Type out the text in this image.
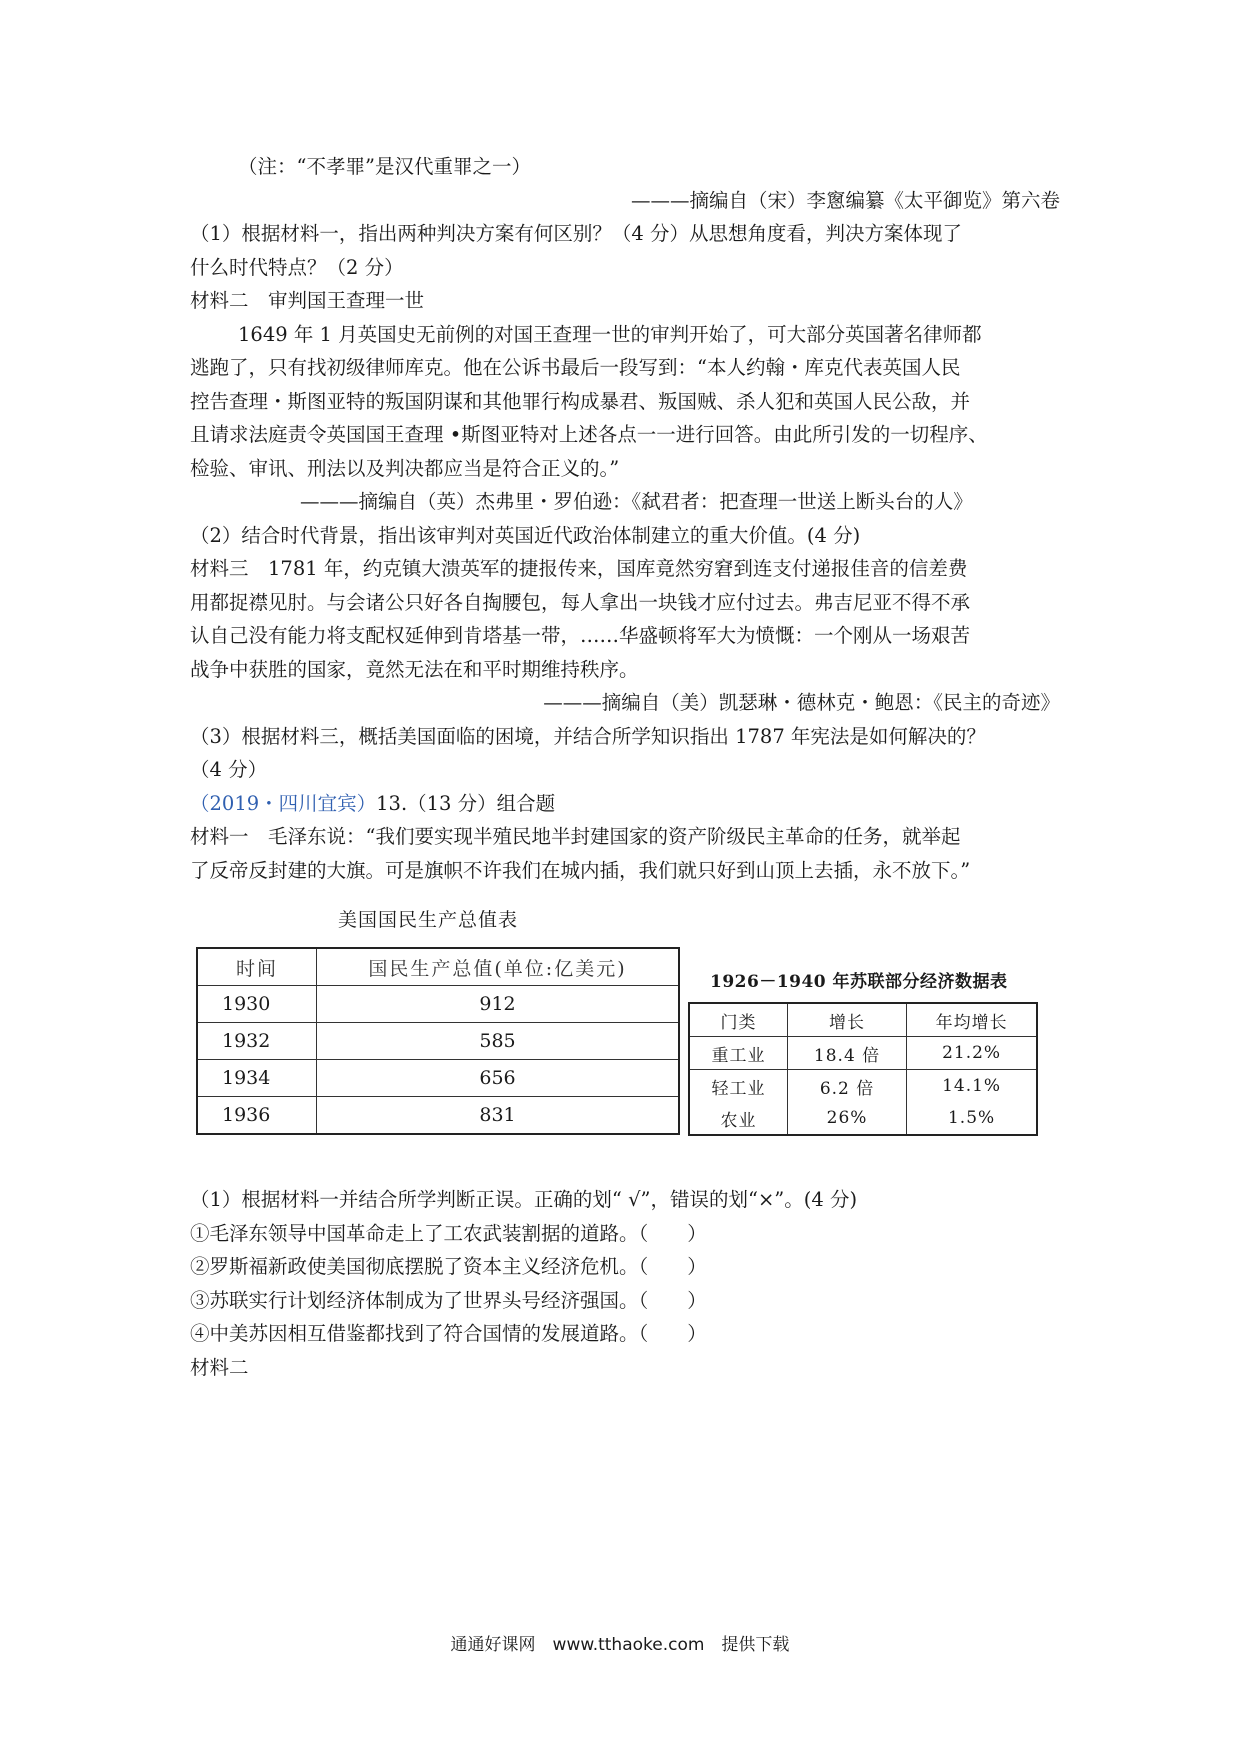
（注：“不孝罪”是汉代重罪之一）
———摘编自（宋）李窻编纂《太平御览》第六卷
（1）根据材料一，指出两种判决方案有何区别？（4 分）从思想角度看，判决方案体现了
什么时代特点？（2 分）
材料二　审判国王查理一世
1649 年 1 月英国史无前例的对国王查理一世的审判开始了，可大部分英国著名律师都
逃跑了，只有找初级律师库克。他在公诉书最后一段写到：“本人约翰・库克代表英国人民
控告查理・斯图亚特的叛国阴谋和其他罪行构成暴君、叛国贼、杀人犯和英国人民公敌，并
且请求法庭责令英国国王查理 •斯图亚特对上述各点一一进行回答。由此所引发的一切程序、
检验、审讯、刑法以及判决都应当是符合正义的。”
———摘编自（英）杰弗里・罗伯逊：《弑君者：把查理一世送上断头台的人》
（2）结合时代背景，指出该审判对英国近代政治体制建立的重大价值。(4 分)
材料三　1781 年，约克镇大溃英军的捷报传来，国库竟然穷窘到连支付递报佳音的信差费
用都捉襟见肘。与会诸公只好各自掏腰包，每人拿出一块钱才应付过去。弗吉尼亚不得不承
认自己没有能力将支配权延伸到肯塔基一带，……华盛顿将军大为愤慨：一个刚从一场艰苦
战争中获胜的国家，竟然无法在和平时期维持秩序。
———摘编自（美）凯瑟琳・德林克・鲍恩：《民主的奇迹》
（3）根据材料三，概括美国面临的困境，并结合所学知识指出 1787 年宪法是如何解决的？
（4 分）
（2019・四川宜宾）13.（13 分）组合题
材料一　毛泽东说：“我们要实现半殖民地半封建国家的资产阶级民主革命的任务，就举起
了反帝反封建的大旗。可是旗帜不许我们在城内插，我们就只好到山顶上去插，永不放下。”
美国国民生产总值表
时间	国民生产总值(单位:亿美元)
1930	912
1932	585
1934	656
1936	831
1926－1940 年苏联部分经济数据表
门类	增长	年均增长
重工业	18.4 倍	21.2%
轻工业	6.2 倍	14.1%
农业	26%	1.5%
（1）根据材料一并结合所学判断正误。正确的划“ √”，错误的划“×”。(4 分)
①毛泽东领导中国革命走上了工农武装割据的道路。（　　）
②罗斯福新政使美国彻底摆脱了资本主义经济危机。（　　）
③苏联实行计划经济体制成为了世界头号经济强国。（　　）
④中美苏因相互借鉴都找到了符合国情的发展道路。（　　）
材料二
通通好课网　www.tthaoke.com　提供下载
